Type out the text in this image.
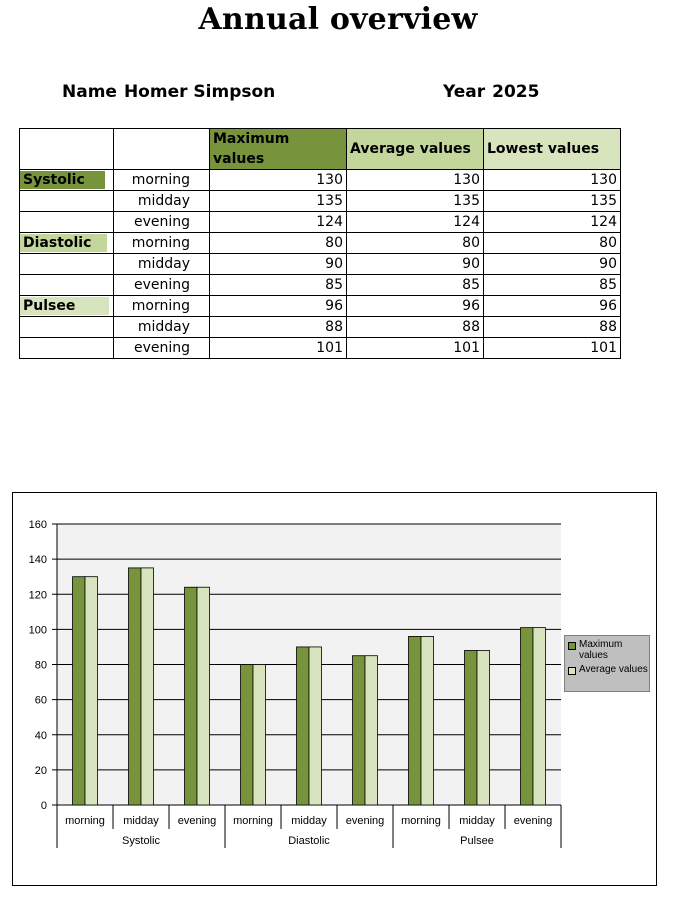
Annual overview
Name Homer Simpson	Year 2025
		Maximum values	Average values	Lowest values

Systolic	morning	130	130	130
	midday	135	135	135
	evening	124	124	124

Diastolic	morning	80	80	80
	midday	90	90	90
	evening	85	85	85

Pulsee	morning	96	96	96
	midday	88	88	88
	evening	101	101	101
0
20
40
60
80
100
120
140
160
morning midday evening morning midday evening morning midday evening
Systolic	Diastolic	Pulsee
Maximum values
Average values
